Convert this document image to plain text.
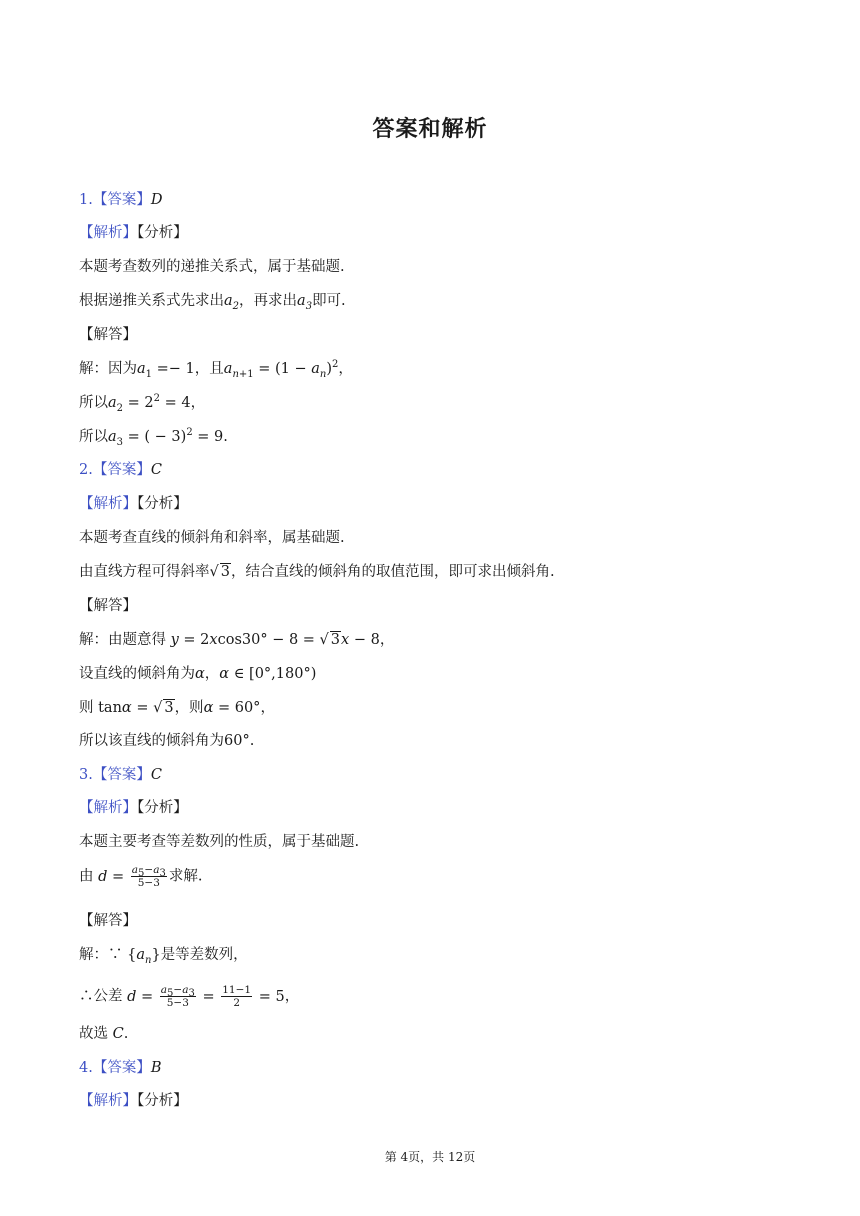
答案和解析
1.【答案】D
【解析】【分析】
本题考查数列的递推关系式，属于基础题.
根据递推关系式先求出$a_2$，再求出$a_3$即可.
【解答】
解：因为$a_1 =- 1$，且$a_{n+1} = (1 - a_n)^2$，
所以$a_2 = 2^2 = 4$，
所以$a_3$ = ( − 3)$^2$ = 9.
2.【答案】C
【解析】【分析】
本题考查直线的倾斜角和斜率，属基础题.
由直线方程可得斜率√ 3，结合直线的倾斜角的取值范围，即可求出倾斜角.
【解答】
解：由题意得 y = 2xcos30° − 8 = √ 3x − 8，
设直线的倾斜角为α，α ∈ [0°,180°)
则 tanα = √ 3，则α = 60°，
所以该直线的倾斜角为60°.
3.【答案】C
【解析】【分析】
本题主要考查等差数列的性质，属于基础题.
由 $d = \frac{a_5-a_3}{5-3}$ 求解.
【解答】
解：∵ $\{a_n\}$是等差数列，
∴公差 $d = \frac{a_5-a_3}{5-3} = \frac{11-1}{2} = 5$，
故选 C.
4.【答案】B
【解析】【分析】
第 4页，共 12页
